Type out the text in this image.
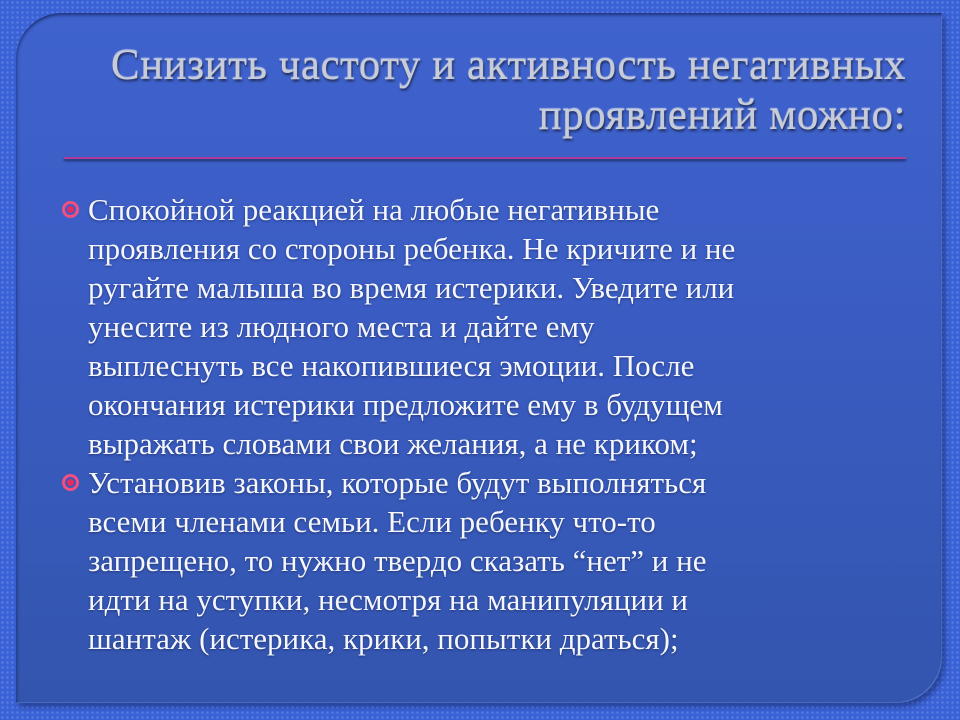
Снизить частоту и активность негативных
проявлений можно:
Спокойной реакцией на любые негативные
проявления со стороны ребенка. Не кричите и не
ругайте малыша во время истерики. Уведите или
унесите из людного места и дайте ему
выплеснуть все накопившиеся эмоции. После
окончания истерики предложите ему в будущем
выражать словами свои желания, а не криком;
Установив законы, которые будут выполняться
всеми членами семьи. Если ребенку что-то
запрещено, то нужно твердо сказать “нет” и не
идти на уступки, несмотря на манипуляции и
шантаж (истерика, крики, попытки драться);
